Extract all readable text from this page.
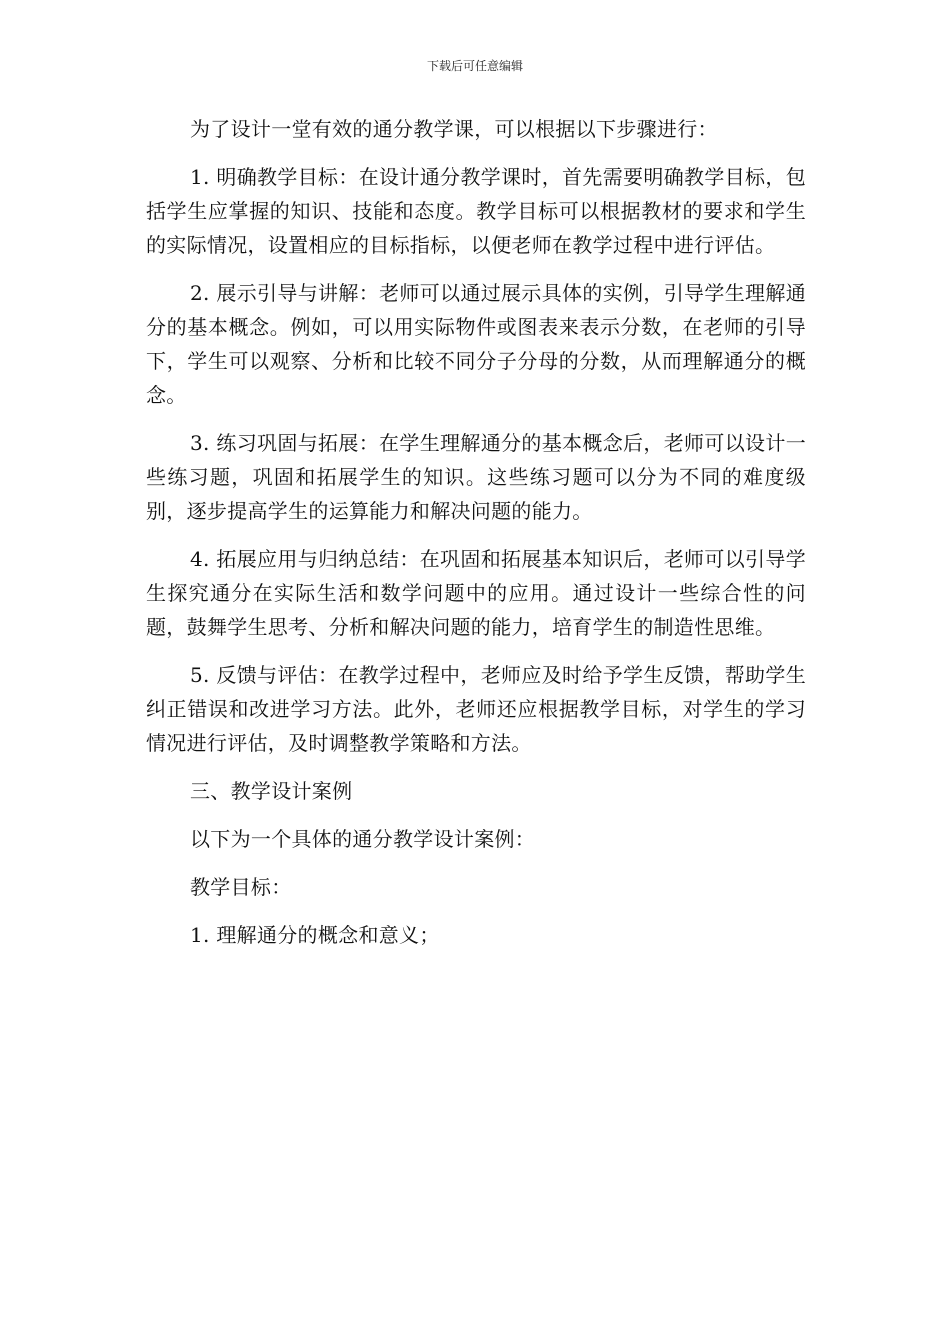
下载后可任意编辑

为了设计一堂有效的通分教学课，可以根据以下步骤进行：

1. 明确教学目标：在设计通分教学课时，首先需要明确教学目标，包括学生应掌握的知识、技能和态度。教学目标可以根据教材的要求和学生的实际情况，设置相应的目标指标，以便老师在教学过程中进行评估。

2. 展示引导与讲解：老师可以通过展示具体的实例，引导学生理解通分的基本概念。例如，可以用实际物件或图表来表示分数，在老师的引导下，学生可以观察、分析和比较不同分子分母的分数，从而理解通分的概念。

3. 练习巩固与拓展：在学生理解通分的基本概念后，老师可以设计一些练习题，巩固和拓展学生的知识。这些练习题可以分为不同的难度级别，逐步提高学生的运算能力和解决问题的能力。

4. 拓展应用与归纳总结：在巩固和拓展基本知识后，老师可以引导学生探究通分在实际生活和数学问题中的应用。通过设计一些综合性的问题，鼓舞学生思考、分析和解决问题的能力，培育学生的制造性思维。

5. 反馈与评估：在教学过程中，老师应及时给予学生反馈，帮助学生纠正错误和改进学习方法。此外，老师还应根据教学目标，对学生的学习情况进行评估，及时调整教学策略和方法。

三、教学设计案例

以下为一个具体的通分教学设计案例：

教学目标：

1. 理解通分的概念和意义；
